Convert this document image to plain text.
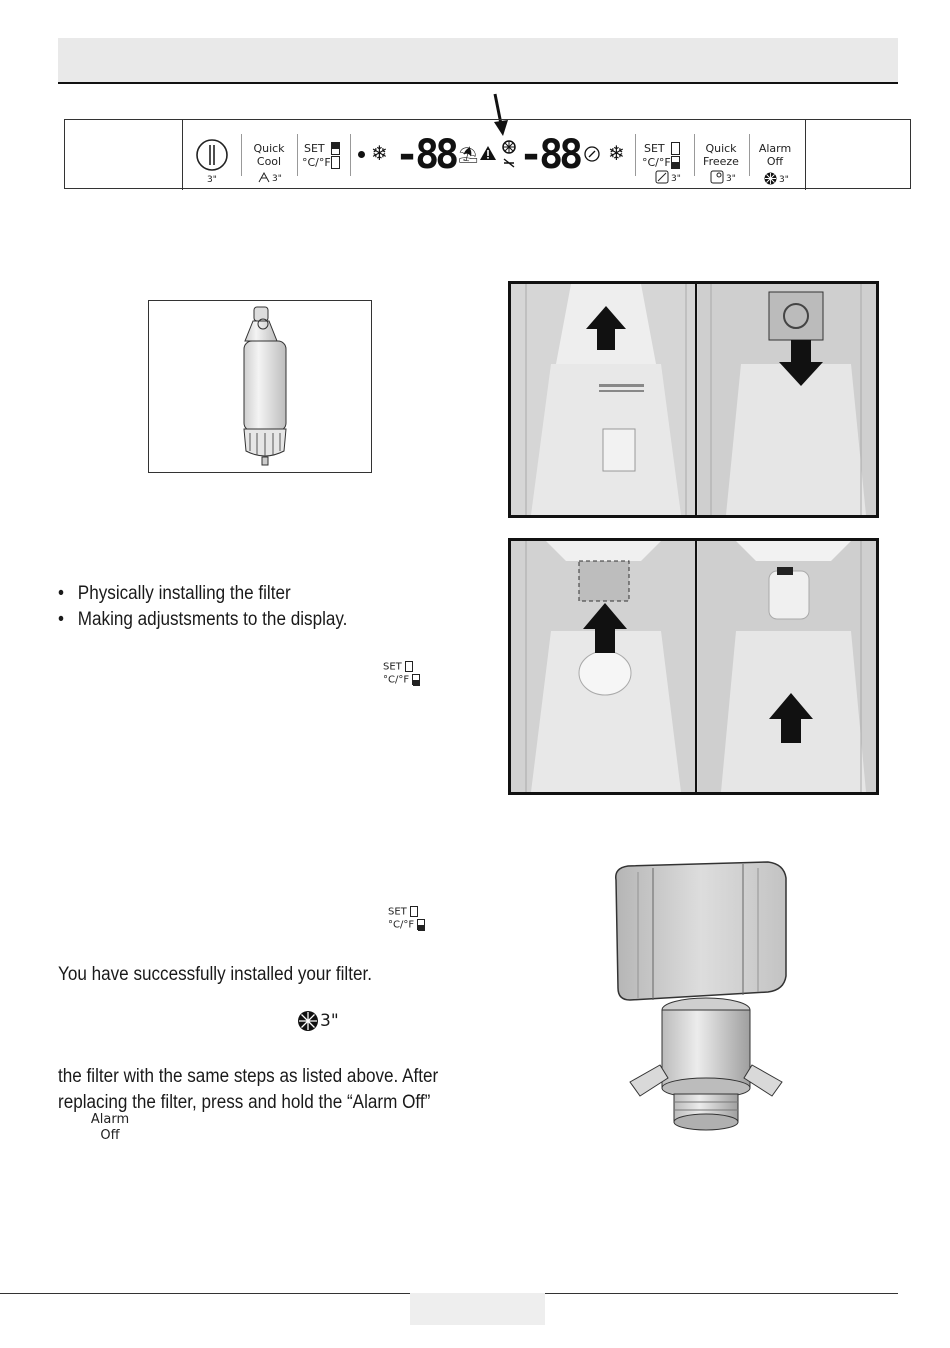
3"
Quick
Cool
3"
SET
°C/°F ❄ -88 ⛱ -88 ❄ SET
°C/°F
3"
Quick
Freeze
3"
Alarm
Off
3"
• Physically installing the filter
• Making adjustsments to the display.
SET
°C/°F
SET
°C/°F
You have successfully installed your filter.
3"
the filter with the same steps as listed above. After
replacing the filter, press and hold the “Alarm Off”
Alarm
Off
